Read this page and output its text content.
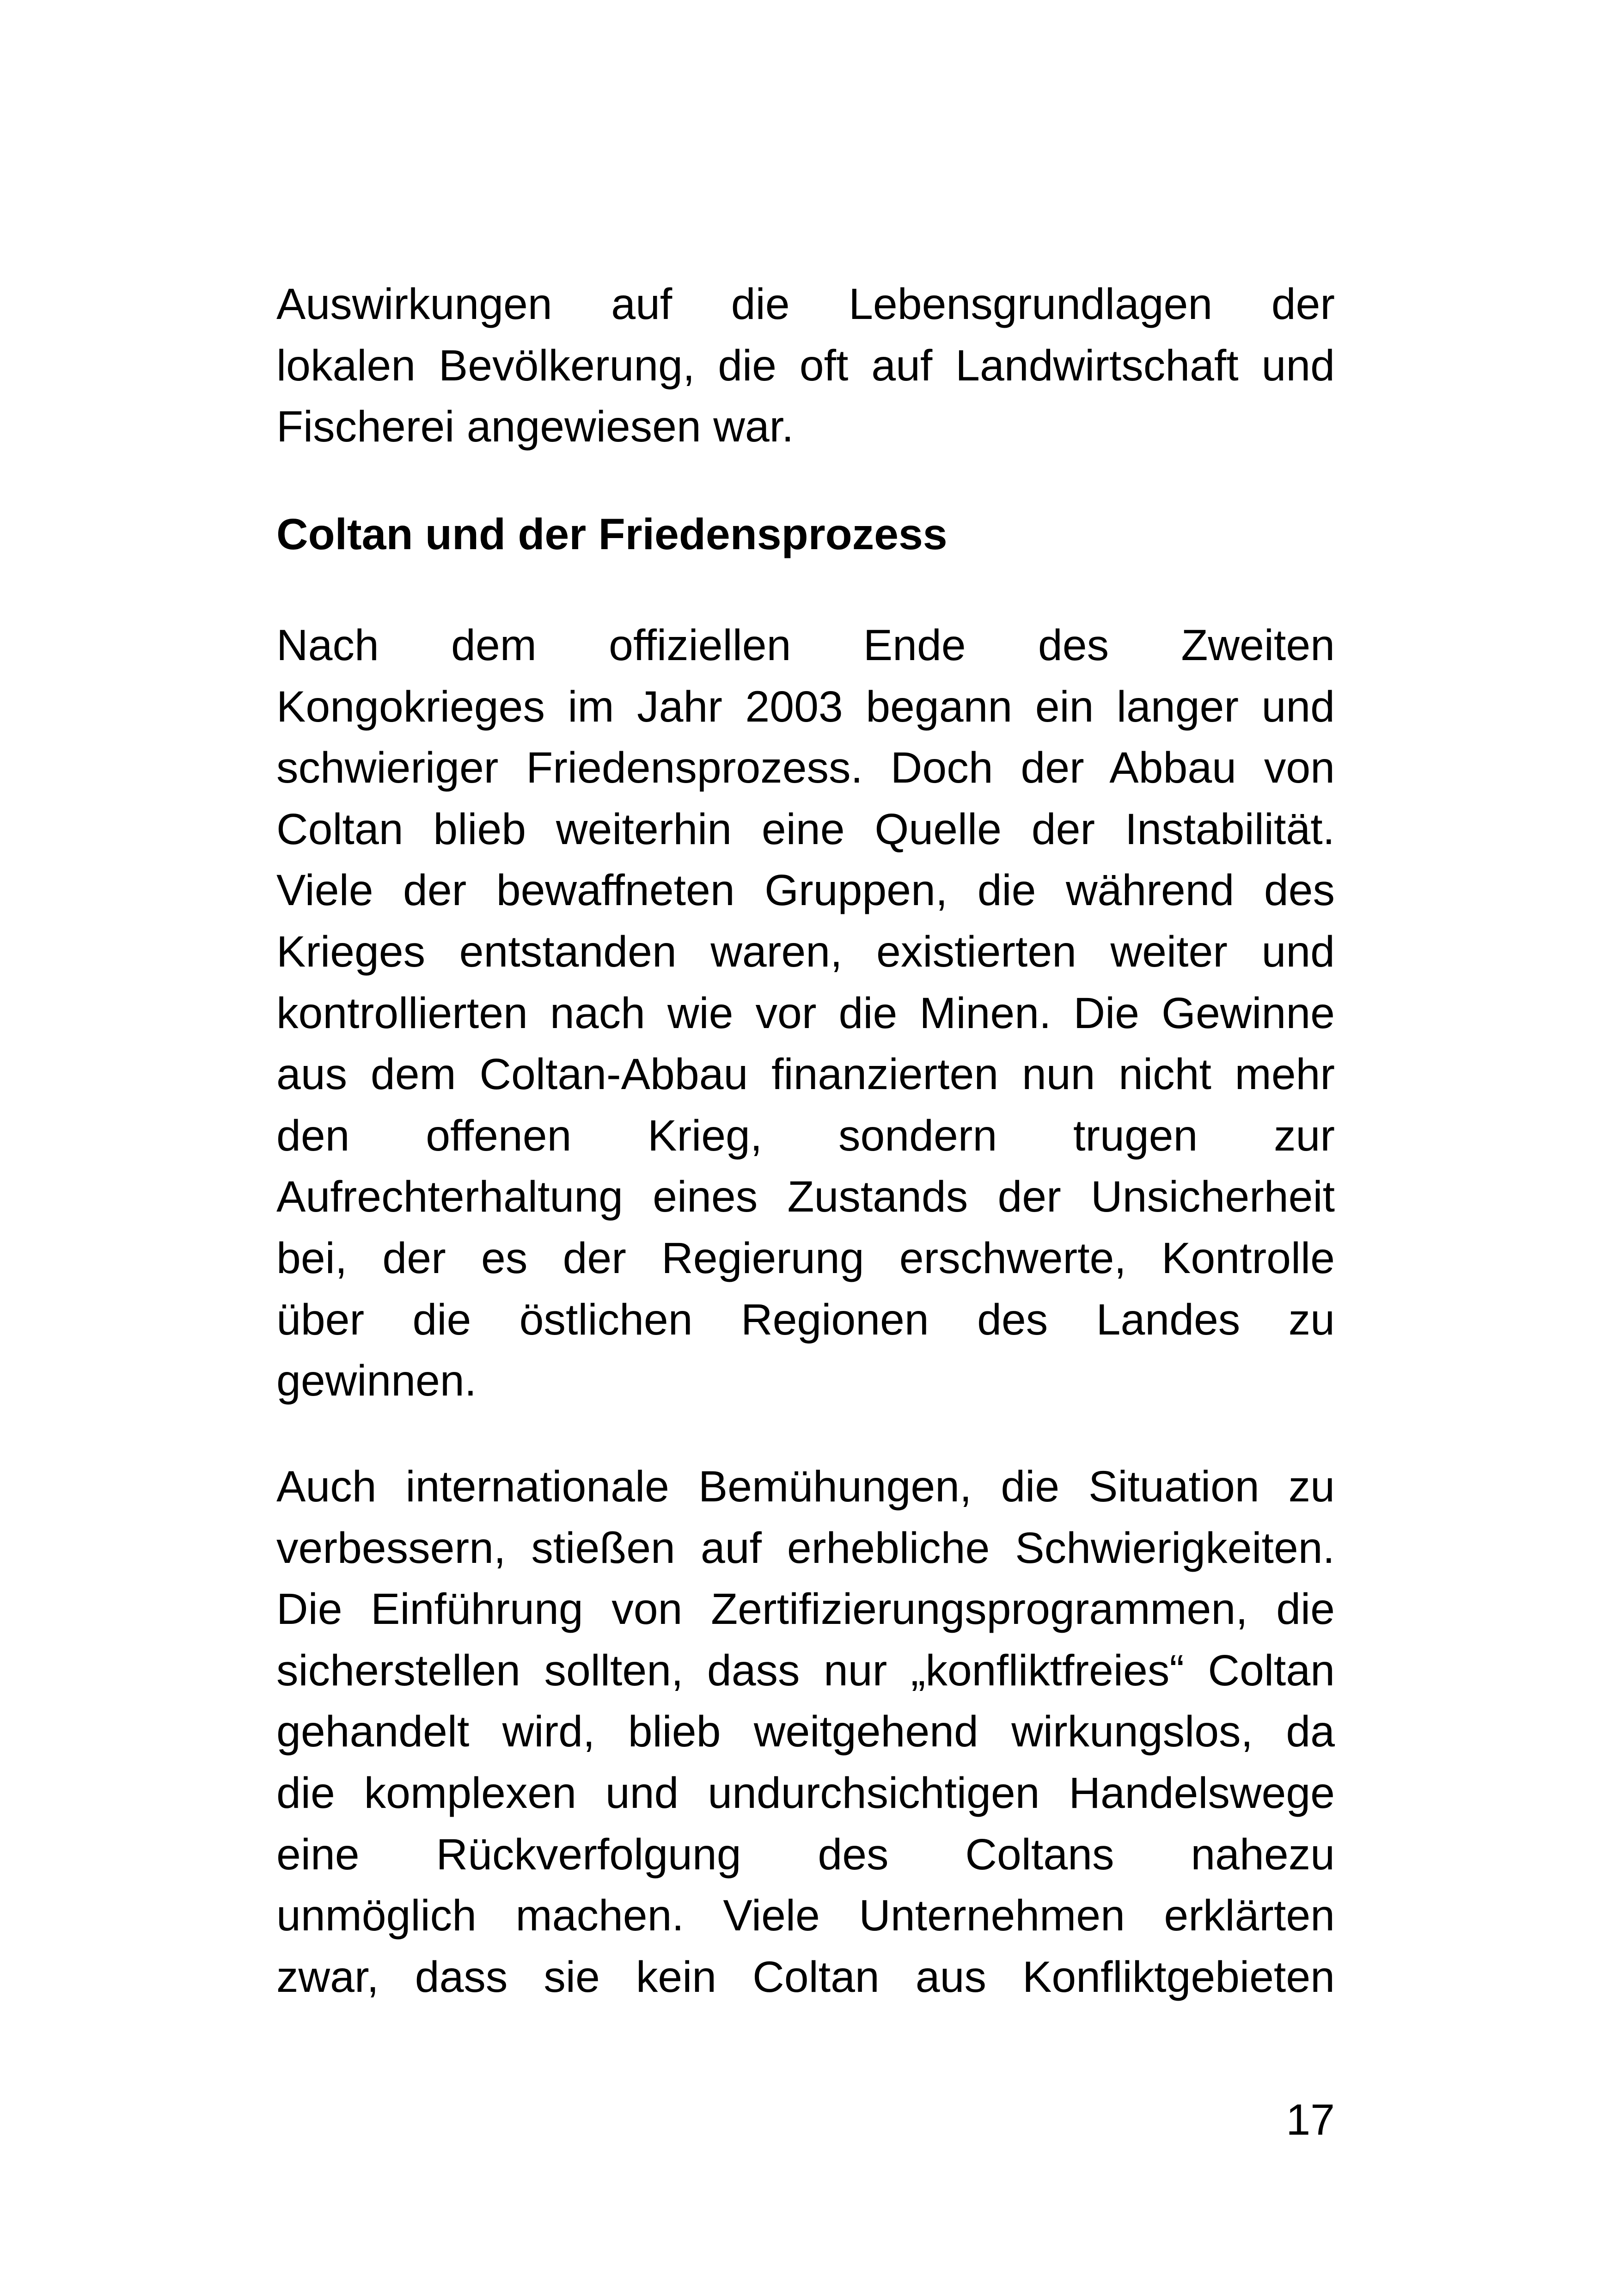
Auswirkungen auf die Lebensgrundlagen der
lokalen Bevölkerung, die oft auf Landwirtschaft und
Fischerei angewiesen war.
Coltan und der Friedensprozess
Nach dem offiziellen Ende des Zweiten
Kongokrieges im Jahr 2003 begann ein langer und
schwieriger Friedensprozess. Doch der Abbau von
Coltan blieb weiterhin eine Quelle der Instabilität.
Viele der bewaffneten Gruppen, die während des
Krieges entstanden waren, existierten weiter und
kontrollierten nach wie vor die Minen. Die Gewinne
aus dem Coltan-Abbau finanzierten nun nicht mehr
den offenen Krieg, sondern trugen zur
Aufrechterhaltung eines Zustands der Unsicherheit
bei, der es der Regierung erschwerte, Kontrolle
über die östlichen Regionen des Landes zu
gewinnen.
Auch internationale Bemühungen, die Situation zu
verbessern, stießen auf erhebliche Schwierigkeiten.
Die Einführung von Zertifizierungsprogrammen, die
sicherstellen sollten, dass nur „konfliktfreies“ Coltan
gehandelt wird, blieb weitgehend wirkungslos, da
die komplexen und undurchsichtigen Handelswege
eine Rückverfolgung des Coltans nahezu
unmöglich machen. Viele Unternehmen erklärten
zwar, dass sie kein Coltan aus Konfliktgebieten
17
